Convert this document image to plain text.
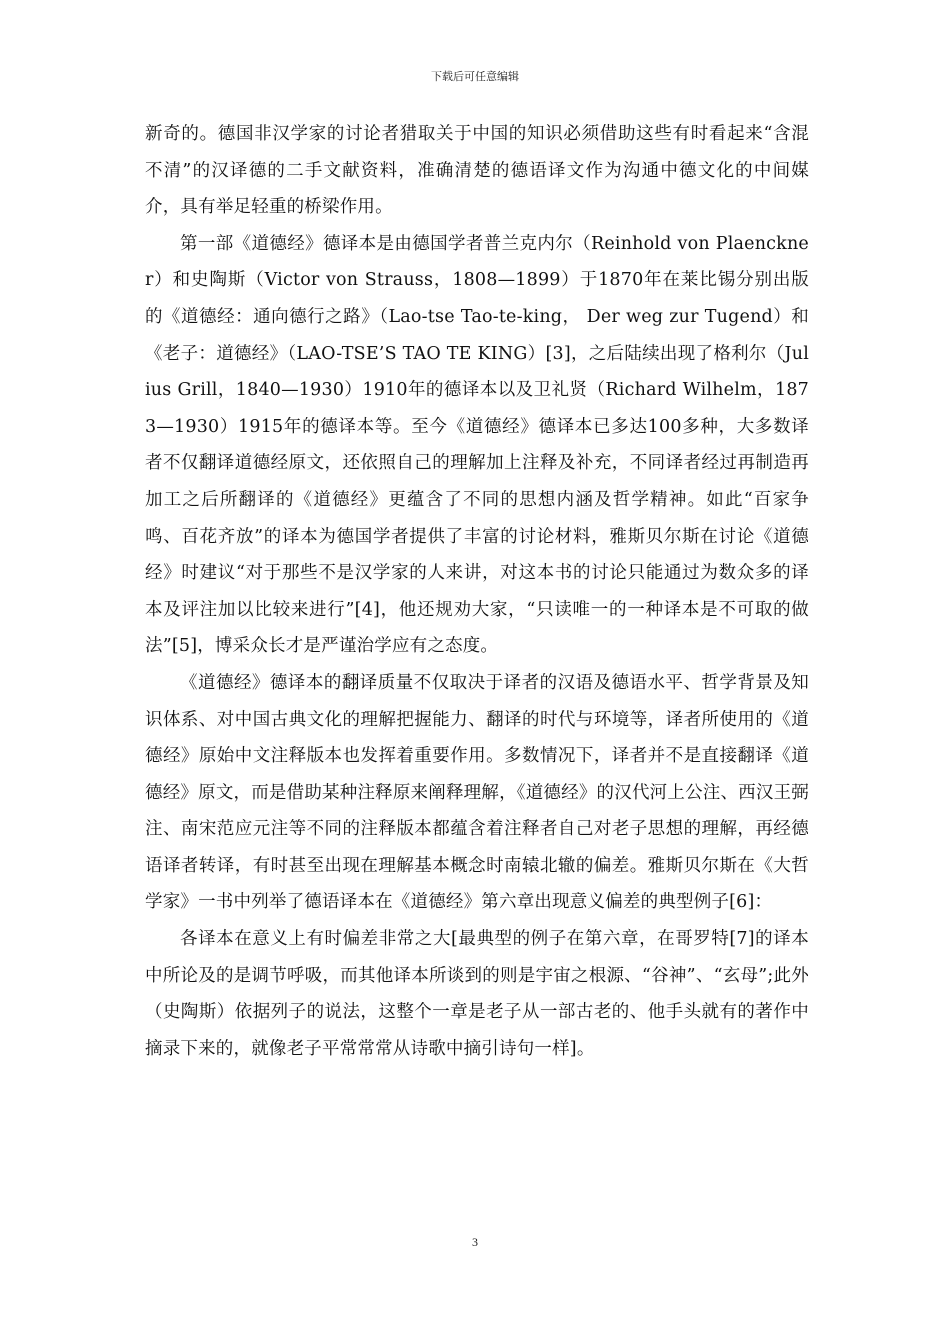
下载后可任意编辑

新奇的。德国非汉学家的讨论者猎取关于中国的知识必须借助这些有时看起来“含混不清”的汉译德的二手文献资料，准确清楚的德语译文作为沟通中德文化的中间媒介，具有举足轻重的桥梁作用。

第一部《道德经》德译本是由德国学者普兰克内尔（Reinhold von Plaenckner）和史陶斯（Victor von Strauss，1808—1899）于1870年在莱比锡分别出版的《道德经：通向德行之路》（Lao-tse Tao-te-king， Der weg zur Tugend）和《老子：道德经》（LAO-TSE’S TAO TE KING）[3]，之后陆续出现了格利尔（Julius Grill，1840—1930）1910年的德译本以及卫礼贤（Richard Wilhelm，1873—1930）1915年的德译本等。至今《道德经》德译本已多达100多种，大多数译者不仅翻译道德经原文，还依照自己的理解加上注释及补充，不同译者经过再制造再加工之后所翻译的《道德经》更蕴含了不同的思想内涵及哲学精神。如此“百家争鸣、百花齐放”的译本为德国学者提供了丰富的讨论材料，雅斯贝尔斯在讨论《道德经》时建议“对于那些不是汉学家的人来讲，对这本书的讨论只能通过为数众多的译本及评注加以比较来进行”[4]，他还规劝大家，“只读唯一的一种译本是不可取的做法”[5]，博采众长才是严谨治学应有之态度。

《道德经》德译本的翻译质量不仅取决于译者的汉语及德语水平、哲学背景及知识体系、对中国古典文化的理解把握能力、翻译的时代与环境等，译者所使用的《道德经》原始中文注释版本也发挥着重要作用。多数情况下，译者并不是直接翻译《道德经》原文，而是借助某种注释原来阐释理解，《道德经》的汉代河上公注、西汉王弼注、南宋范应元注等不同的注释版本都蕴含着注释者自己对老子思想的理解，再经德语译者转译，有时甚至出现在理解基本概念时南辕北辙的偏差。雅斯贝尔斯在《大哲学家》一书中列举了德语译本在《道德经》第六章出现意义偏差的典型例子[6]：

各译本在意义上有时偏差非常之大[最典型的例子在第六章，在哥罗特[7]的译本中所论及的是调节呼吸，而其他译本所谈到的则是宇宙之根源、“谷神”、“玄母”;此外（史陶斯）依据列子的说法，这整个一章是老子从一部古老的、他手头就有的著作中摘录下来的，就像老子平常常常从诗歌中摘引诗句一样]。

3
